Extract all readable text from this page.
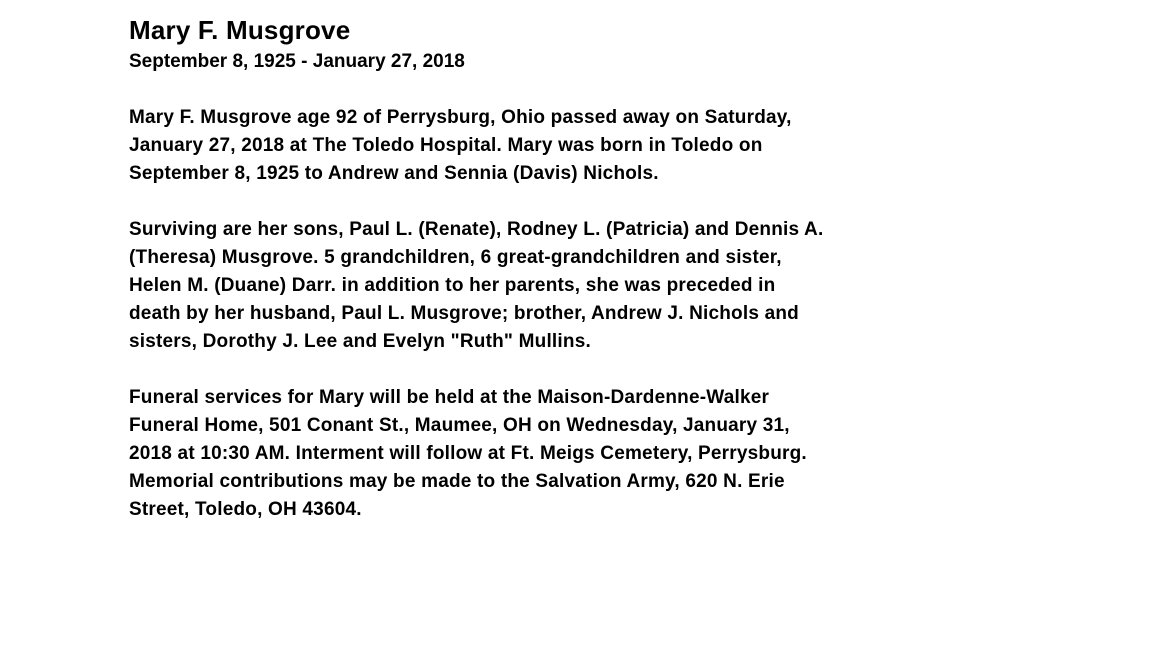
Mary F. Musgrove
September 8, 1925 - January 27, 2018

Mary F. Musgrove age 92 of Perrysburg, Ohio passed away on Saturday,
January 27, 2018 at The Toledo Hospital. Mary was born in Toledo on
September 8, 1925 to Andrew and Sennia (Davis) Nichols.

Surviving are her sons, Paul L. (Renate), Rodney L. (Patricia) and Dennis A.
(Theresa) Musgrove. 5 grandchildren, 6 great-grandchildren and sister,
Helen M. (Duane) Darr. in addition to her parents, she was preceded in
death by her husband, Paul L. Musgrove; brother, Andrew J. Nichols and
sisters, Dorothy J. Lee and Evelyn "Ruth" Mullins.

Funeral services for Mary will be held at the Maison-Dardenne-Walker
Funeral Home, 501 Conant St., Maumee, OH on Wednesday, January 31,
2018 at 10:30 AM. Interment will follow at Ft. Meigs Cemetery, Perrysburg.
Memorial contributions may be made to the Salvation Army, 620 N. Erie
Street, Toledo, OH 43604.
